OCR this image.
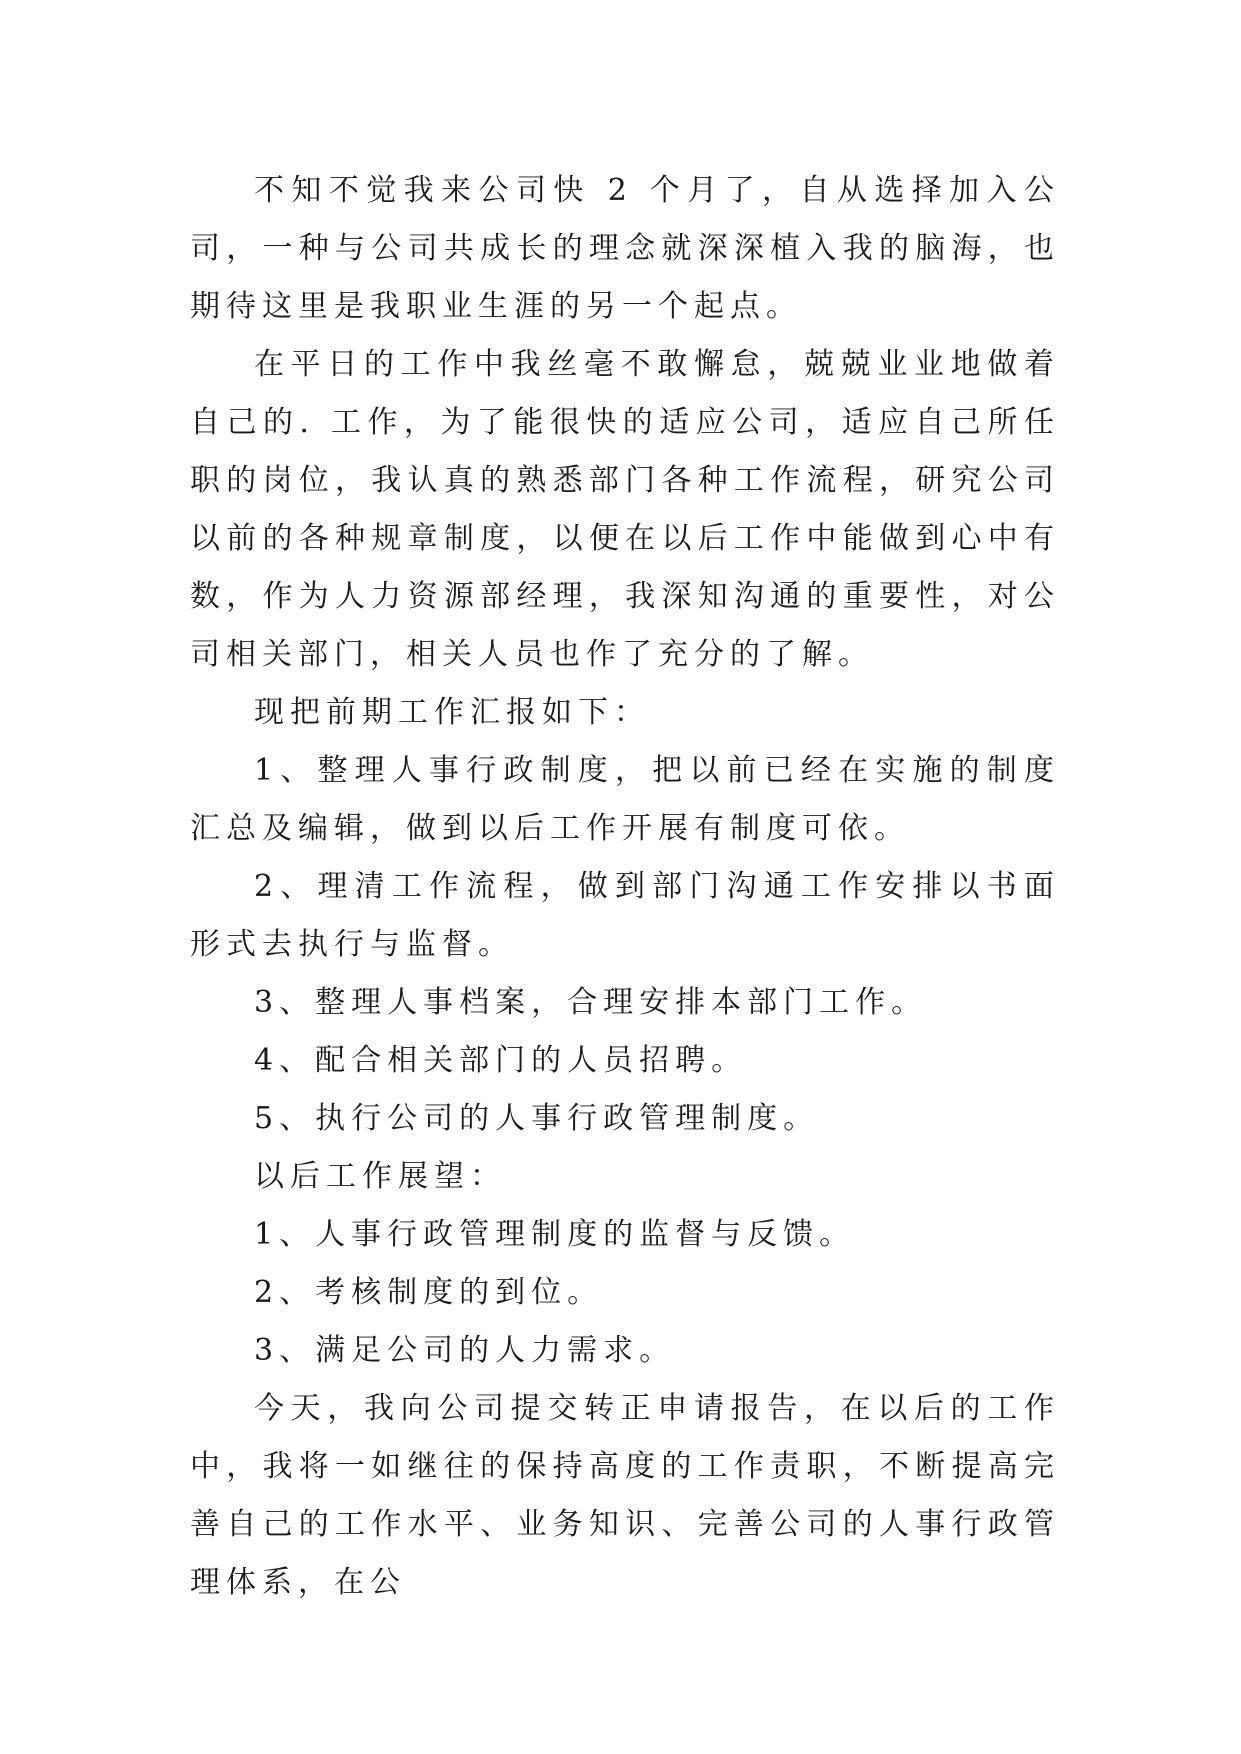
不知不觉我来公司快 2 个月了，自从选择加入公司，一种与公司共成长的理念就深深植入我的脑海，也期待这里是我职业生涯的另一个起点。

在平日的工作中我丝毫不敢懈怠，兢兢业业地做着自己的. 工作，为了能很快的适应公司，适应自己所任职的岗位，我认真的熟悉部门各种工作流程，研究公司以前的各种规章制度，以便在以后工作中能做到心中有数，作为人力资源部经理，我深知沟通的重要性，对公司相关部门，相关人员也作了充分的了解。

现把前期工作汇报如下：

1、整理人事行政制度，把以前已经在实施的制度汇总及编辑，做到以后工作开展有制度可依。

2、理清工作流程，做到部门沟通工作安排以书面形式去执行与监督。

3、整理人事档案，合理安排本部门工作。

4、配合相关部门的人员招聘。

5、执行公司的人事行政管理制度。

以后工作展望：

1、人事行政管理制度的监督与反馈。

2、考核制度的到位。

3、满足公司的人力需求。

今天，我向公司提交转正申请报告，在以后的工作中，我将一如继往的保持高度的工作责职，不断提高完善自己的工作水平、业务知识、完善公司的人事行政管理体系，在公
